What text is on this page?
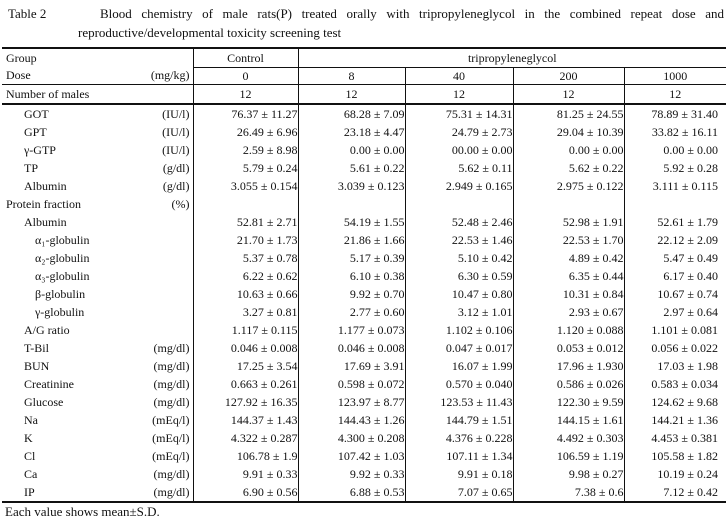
Table 2	Blood chemistry of male rats(P) treated orally with tripropyleneglycol in the combined repeat dose and
reproductive/developmental toxicity screening test
Group	Control	tripropyleneglycol			

Dose (mg/kg)	0	8	40	200	1000

Number of males	12	12	12	12	12

GOT (IU/l)	76.37 ± 11.27	68.28 ± 7.09	75.31 ± 14.31	81.25 ± 24.55	78.89 ± 31.40

GPT (IU/l)	26.49 ± 6.96	23.18 ± 4.47	24.79 ± 2.73	29.04 ± 10.39	33.82 ± 16.11

γ-GTP (IU/l)	2.59 ± 8.98	0.00 ± 0.00	00.00 ± 0.00	0.00 ± 0.00	0.00 ± 0.00

TP (g/dl)	5.79 ± 0.24	5.61 ± 0.22	5.62 ± 0.11	5.62 ± 0.22	5.92 ± 0.28

Albumin (g/dl)	3.055 ± 0.154	3.039 ± 0.123	2.949 ± 0.165	2.975 ± 0.122	3.111 ± 0.115

Protein fraction (%)					

Albumin	52.81 ± 2.71	54.19 ± 1.55	52.48 ± 2.46	52.98 ± 1.91	52.61 ± 1.79

α₁-globulin	21.70 ± 1.73	21.86 ± 1.66	22.53 ± 1.46	22.53 ± 1.70	22.12 ± 2.09

α₂-globulin	5.37 ± 0.78	5.17 ± 0.39	5.10 ± 0.42	4.89 ± 0.42	5.47 ± 0.49

α₃-globulin	6.22 ± 0.62	6.10 ± 0.38	6.30 ± 0.59	6.35 ± 0.44	6.17 ± 0.40

β-globulin	10.63 ± 0.66	9.92 ± 0.70	10.47 ± 0.80	10.31 ± 0.84	10.67 ± 0.74

γ-globulin	3.27 ± 0.81	2.77 ± 0.60	3.12 ± 1.01	2.93 ± 0.67	2.97 ± 0.64

A/G ratio	1.117 ± 0.115	1.177 ± 0.073	1.102 ± 0.106	1.120 ± 0.088	1.101 ± 0.081

T-Bil (mg/dl)	0.046 ± 0.008	0.046 ± 0.008	0.047 ± 0.017	0.053 ± 0.012	0.056 ± 0.022

BUN (mg/dl)	17.25 ± 3.54	17.69 ± 3.91	16.07 ± 1.99	17.96 ± 1.930	17.03 ± 1.98

Creatinine (mg/dl)	0.663 ± 0.261	0.598 ± 0.072	0.570 ± 0.040	0.586 ± 0.026	0.583 ± 0.034

Glucose (mg/dl)	127.92 ± 16.35	123.97 ± 8.77	123.53 ± 11.43	122.30 ± 9.59	124.62 ± 9.68

Na (mEq/l)	144.37 ± 1.43	144.43 ± 1.26	144.79 ± 1.51	144.15 ± 1.61	144.21 ± 1.36

K (mEq/l)	4.322 ± 0.287	4.300 ± 0.208	4.376 ± 0.228	4.492 ± 0.303	4.453 ± 0.381

Cl (mEq/l)	106.78 ± 1.9	107.42 ± 1.03	107.11 ± 1.34	106.59 ± 1.19	105.58 ± 1.82

Ca (mg/dl)	9.91 ± 0.33	9.92 ± 0.33	9.91 ± 0.18	9.98 ± 0.27	10.19 ± 0.24

IP (mg/dl)	6.90 ± 0.56	6.88 ± 0.53	7.07 ± 0.65	7.38 ± 0.6	7.12 ± 0.42
Each value shows mean±S.D.
